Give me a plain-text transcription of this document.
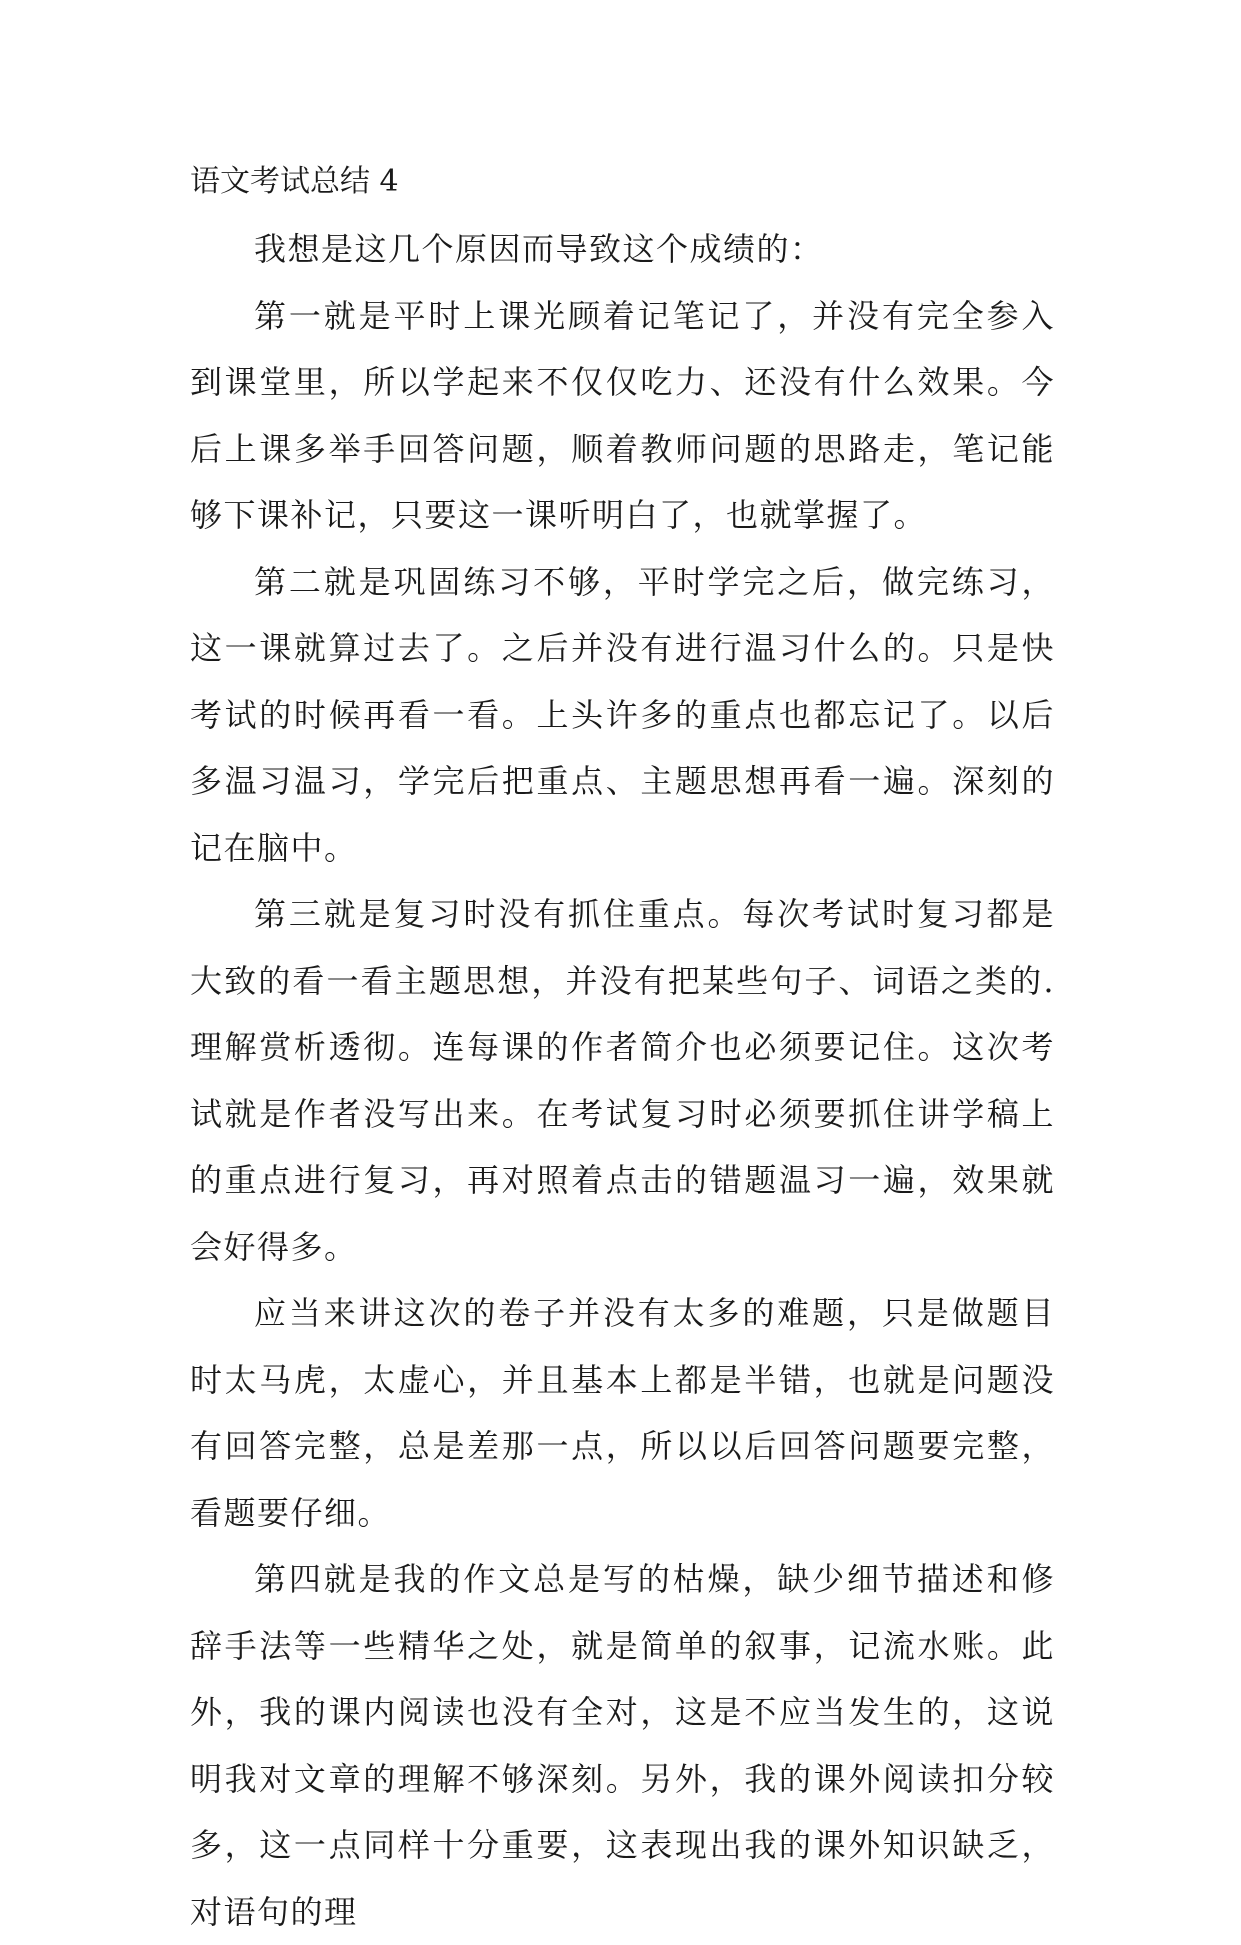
语文考试总结 4

我想是这几个原因而导致这个成绩的：

第一就是平时上课光顾着记笔记了，并没有完全参入到课堂里，所以学起来不仅仅吃力、还没有什么效果。今后上课多举手回答问题，顺着教师问题的思路走，笔记能够下课补记，只要这一课听明白了，也就掌握了。

第二就是巩固练习不够，平时学完之后，做完练习，这一课就算过去了。之后并没有进行温习什么的。只是快考试的时候再看一看。上头许多的重点也都忘记了。以后多温习温习，学完后把重点、主题思想再看一遍。深刻的记在脑中。

第三就是复习时没有抓住重点。每次考试时复习都是大致的看一看主题思想，并没有把某些句子、词语之类的.理解赏析透彻。连每课的作者简介也必须要记住。这次考试就是作者没写出来。在考试复习时必须要抓住讲学稿上的重点进行复习，再对照着点击的错题温习一遍，效果就会好得多。

应当来讲这次的卷子并没有太多的难题，只是做题目时太马虎，太虚心，并且基本上都是半错，也就是问题没有回答完整，总是差那一点，所以以后回答问题要完整，看题要仔细。

第四就是我的作文总是写的枯燥，缺少细节描述和修辞手法等一些精华之处，就是简单的叙事，记流水账。此外，我的课内阅读也没有全对，这是不应当发生的，这说明我对文章的理解不够深刻。另外，我的课外阅读扣分较多，这一点同样十分重要，这表现出我的课外知识缺乏，对语句的理
